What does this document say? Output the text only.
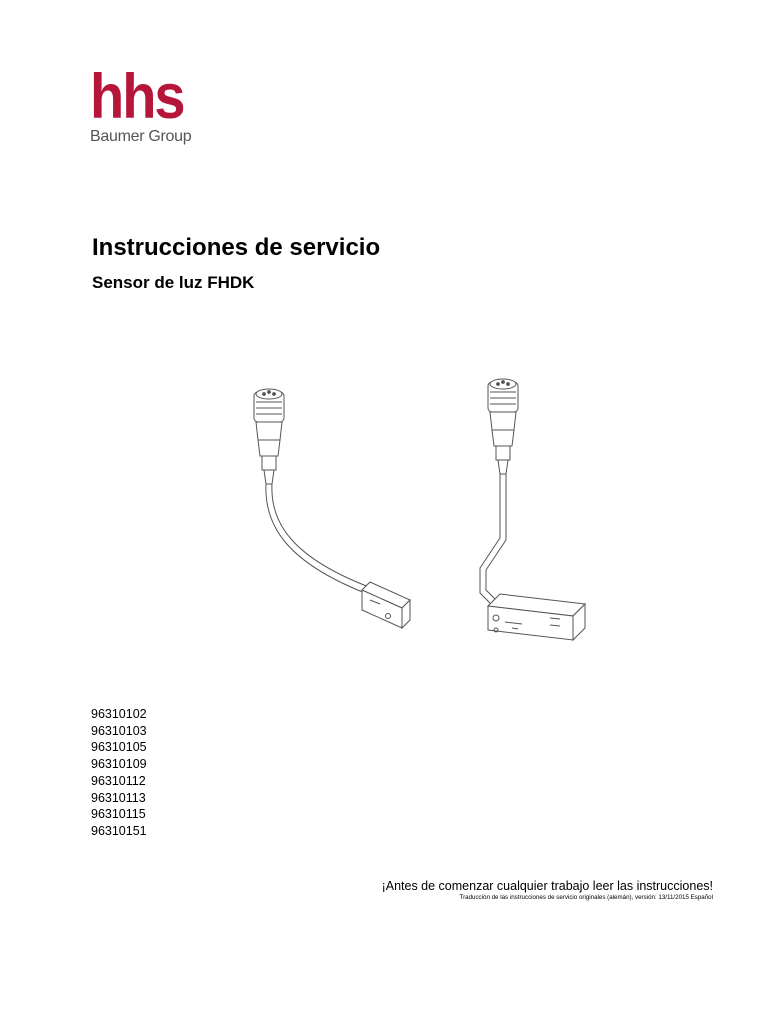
hhs
Baumer Group
Instrucciones de servicio
Sensor de luz FHDK
96310102
96310103
96310105
96310109
96310112
96310113
96310115
96310151

¡Antes de comenzar cualquier trabajo leer las instrucciones!

Traducción de las instrucciones de servicio originales (alemán), versión: 13/11/2015 Español
